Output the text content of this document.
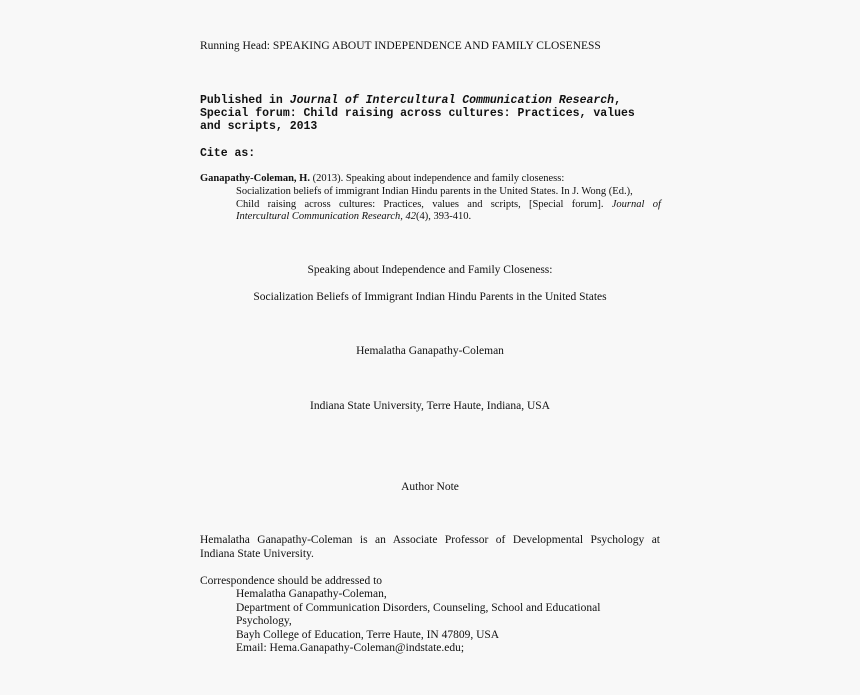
Running Head: SPEAKING ABOUT INDEPENDENCE AND FAMILY CLOSENESS
Published in Journal of Intercultural Communication Research,
Special forum: Child raising across cultures: Practices, values
and scripts, 2013
Cite as:
Ganapathy-Coleman, H. (2013). Speaking about independence and family closeness:
Socialization beliefs of immigrant Indian Hindu parents in the United States. In J. Wong (Ed.),
Child raising across cultures: Practices, values and scripts, [Special forum]. Journal of
Intercultural Communication Research, 42(4), 393-410.
Speaking about Independence and Family Closeness:
Socialization Beliefs of Immigrant Indian Hindu Parents in the United States
Hemalatha Ganapathy-Coleman
Indiana State University, Terre Haute, Indiana, USA
Author Note
Hemalatha Ganapathy-Coleman is an Associate Professor of Developmental Psychology at
Indiana State University.
Correspondence should be addressed to
Hemalatha Ganapathy-Coleman,
Department of Communication Disorders, Counseling, School and Educational
Psychology,
Bayh College of Education, Terre Haute, IN 47809, USA
Email: Hema.Ganapathy-Coleman@indstate.edu;
